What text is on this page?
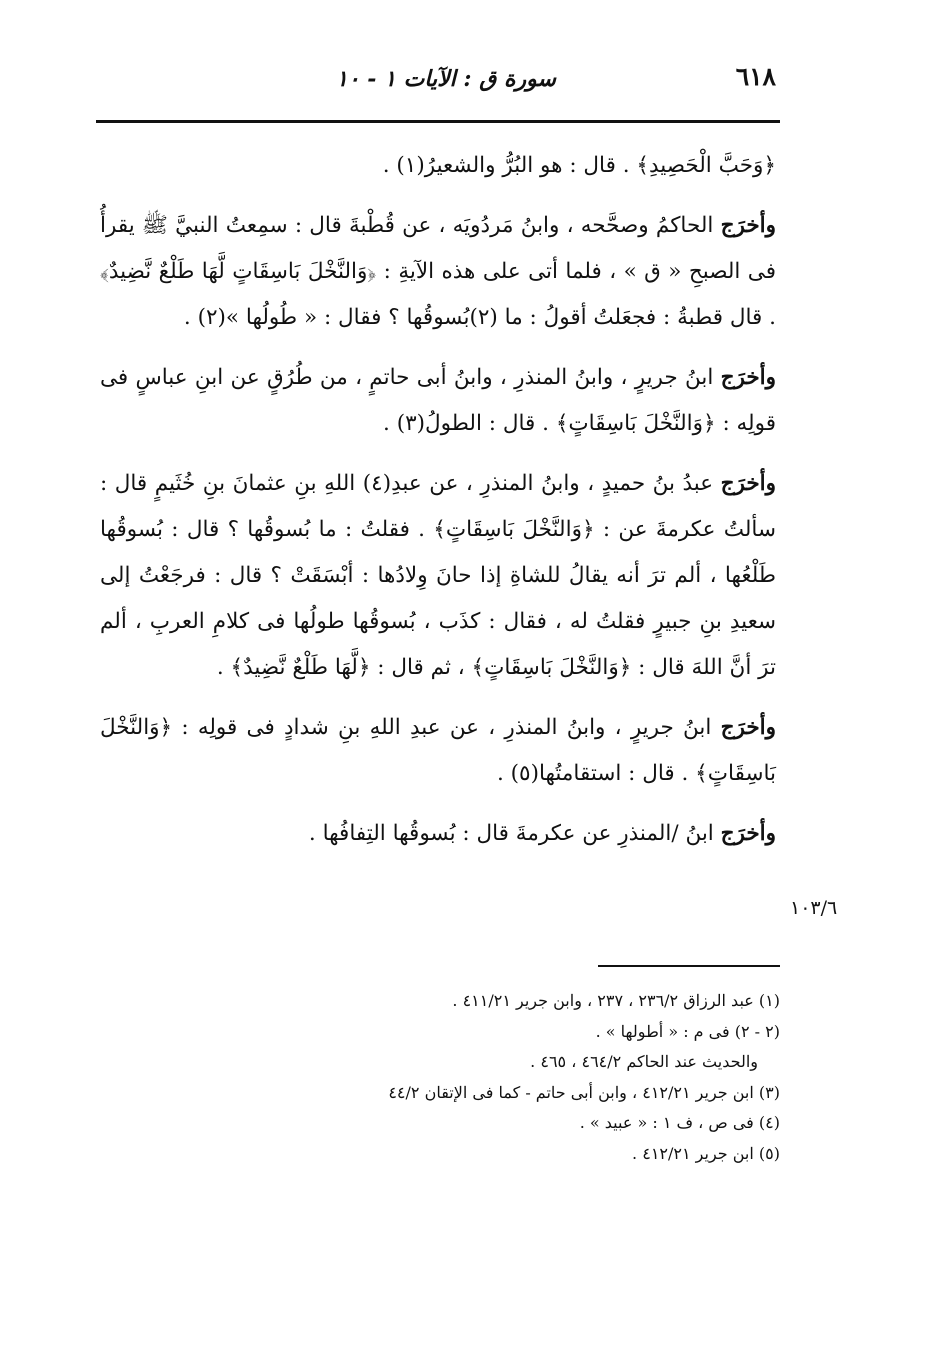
٦١٨
سورة ق : الآيات ١ - ١٠

﴿وَحَبَّ الْحَصِيدِ﴾ . قال : هو البُرُّ والشعيرُ(١) .

وأخرَج الحاكمُ وصحَّحه ، وابنُ مَردُويَه ، عن قُطْبةَ قال : سمِعتُ النبيَّ ﷺ يقرأُ فى الصبحِ « ق » ، فلما أتى على هذه الآيةِ : ﴿وَالنَّخْلَ بَاسِقَاتٍ لَّهَا طَلْعٌ نَّضِيدٌ﴾ . قال قطبةُ : فجعَلتُ أقولُ : ما (٢)بُسوقُها ؟ فقال : « طُولُها »(٢) .

وأخرَج ابنُ جريرٍ ، وابنُ المنذرِ ، وابنُ أبى حاتمٍ ، من طُرُقٍ عن ابنِ عباسٍ فى قولِه : ﴿وَالنَّخْلَ بَاسِقَاتٍ﴾ . قال : الطولُ(٣) .

وأخرَج عبدُ بنُ حميدٍ ، وابنُ المنذرِ ، عن عبدِ(٤) اللهِ بنِ عثمانَ بنِ خُثَيمٍ قال : سألتُ عكرمةَ عن : ﴿وَالنَّخْلَ بَاسِقَاتٍ﴾ . فقلتُ : ما بُسوقُها ؟ قال : بُسوقُها طَلْعُها ، ألم ترَ أنه يقالُ للشاةِ إذا حانَ وِلادُها : أبْسَقَتْ ؟ قال : فرجَعْتُ إلى سعيدِ بنِ جبيرٍ فقلتُ له ، فقال : كذَب ، بُسوقُها طولُها فى كلامِ العربِ ، ألم ترَ أنَّ اللهَ قال : ﴿وَالنَّخْلَ بَاسِقَاتٍ﴾ ، ثم قال : ﴿لَّهَا طَلْعٌ نَّضِيدٌ﴾ .

وأخرَج ابنُ جريرٍ ، وابنُ المنذرِ ، عن عبدِ اللهِ بنِ شدادٍ فى قولِه : ﴿وَالنَّخْلَ بَاسِقَاتٍ﴾ . قال : استقامتُها(٥) .

وأخرَج ابنُ /المنذرِ عن عكرمةَ قال : بُسوقُها التِفافُها .

١٠٣/٦

(١) عبد الرزاق ٢٣٦/٢ ، ٢٣٧ ، وابن جرير ٤١١/٢١ .

(٢ - ٢) فى م : « أطولها » .

والحديث عند الحاكم ٤٦٤/٢ ، ٤٦٥ .

(٣) ابن جرير ٤١٢/٢١ ، وابن أبى حاتم - كما فى الإتقان ٤٤/٢

(٤) فى ص ، ف ١ : « عبيد » .

(٥) ابن جرير ٤١٢/٢١ .
